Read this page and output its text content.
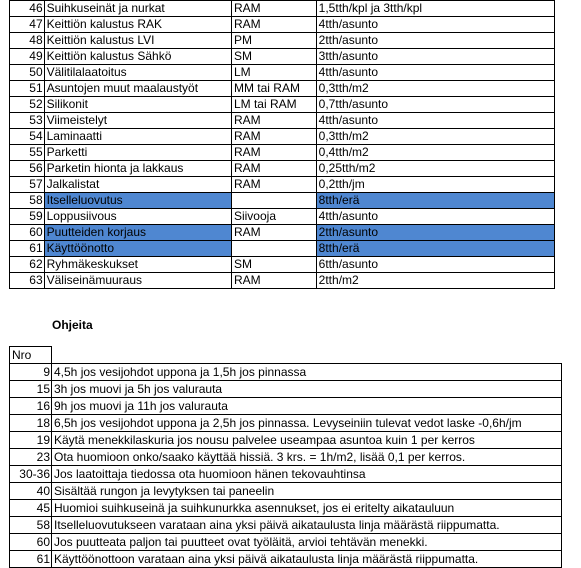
46	Suihkuseinät ja nurkat	RAM	1,5tth/kpl ja 3tth/kpl
47	Keittiön kalustus RAK	RAM	4tth/asunto
48	Keittiön kalustus LVI	PM	2tth/asunto
49	Keittiön kalustus Sähkö	SM	3tth/asunto
50	Välitilalaatoitus	LM	4tth/asunto
51	Asuntojen muut maalaustyöt	MM tai RAM	0,3tth/m2
52	Silikonit	LM tai RAM	0,7tth/asunto
53	Viimeistelyt	RAM	4tth/asunto
54	Laminaatti	RAM	0,3tth/m2
55	Parketti	RAM	0,4tth/m2
56	Parketin hionta ja lakkaus	RAM	0,25tth/m2
57	Jalkalistat	RAM	0,2tth/jm
58	Itselleluovutus		8tth/erä
59	Loppusiivous	Siivooja	4tth/asunto
60	Puutteiden korjaus	RAM	2tth/asunto
61	Käyttöönotto		8tth/erä
62	Ryhmäkeskukset	SM	6tth/asunto
63	Väliseinämuuraus	RAM	2tth/m2
Ohjeita
Nro	
9	4,5h jos vesijohdot uppona ja 1,5h jos pinnassa
15	3h jos muovi ja 5h jos valurauta
16	9h jos muovi ja 11h jos valurauta
18	6,5h jos vesijohdot uppona ja 2,5h jos pinnassa. Levyseiniin tulevat vedot laske -0,6h/jm
19	Käytä menekkilaskuria jos nousu palvelee useampaa asuntoa kuin 1 per kerros
23	Ota huomioon onko/saako käyttää hissiä. 3 krs. = 1h/m2, lisää 0,1 per kerros.
30-36	Jos laatoittaja tiedossa ota huomioon hänen tekovauhtinsa
40	Sisältää rungon ja levytyksen tai paneelin
45	Huomioi suihkuseinä ja suihkunurkka asennukset, jos ei eritelty aikatauluun
58	Itselleluovutukseen varataan aina yksi päivä aikataulusta linja määrästä riippumatta.
60	Jos puutteata paljon tai puutteet ovat työläitä, arvioi tehtävän menekki.
61	Käyttöönottoon varataan aina yksi päivä aikataulusta linja määrästä riippumatta.
